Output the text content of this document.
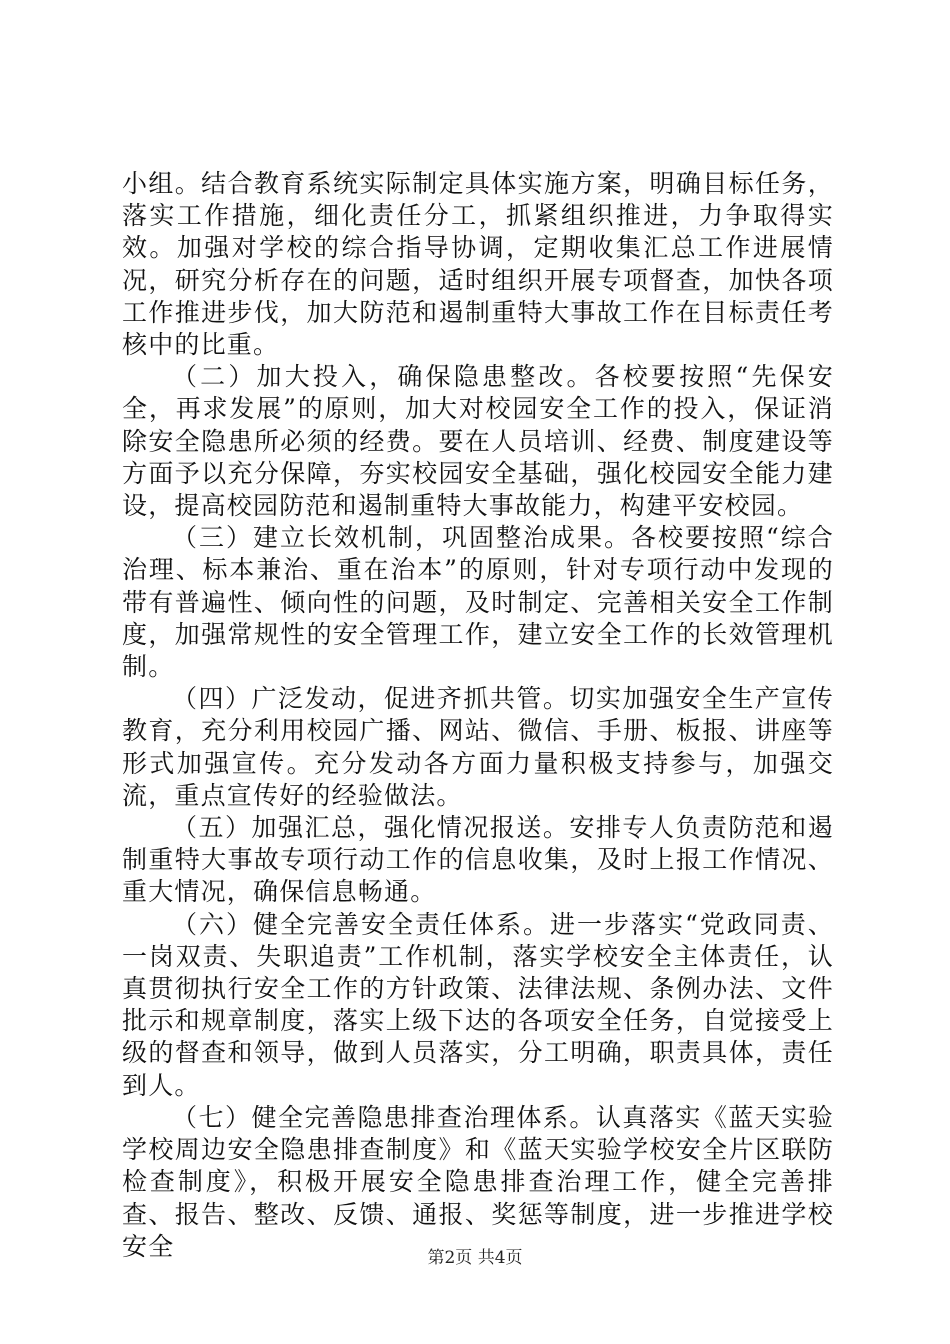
小组。结合教育系统实际制定具体实施方案，明确目标任务，落实工作措施，细化责任分工，抓紧组织推进，力争取得实效。加强对学校的综合指导协调，定期收集汇总工作进展情况，研究分析存在的问题，适时组织开展专项督查，加快各项工作推进步伐，加大防范和遏制重特大事故工作在目标责任考核中的比重。

（二）加大投入，确保隐患整改。各校要按照“先保安全，再求发展”的原则，加大对校园安全工作的投入，保证消除安全隐患所必须的经费。要在人员培训、经费、制度建设等方面予以充分保障，夯实校园安全基础，强化校园安全能力建设，提高校园防范和遏制重特大事故能力，构建平安校园。

（三）建立长效机制，巩固整治成果。各校要按照“综合治理、标本兼治、重在治本”的原则，针对专项行动中发现的带有普遍性、倾向性的问题，及时制定、完善相关安全工作制度，加强常规性的安全管理工作，建立安全工作的长效管理机制。

（四）广泛发动，促进齐抓共管。切实加强安全生产宣传教育，充分利用校园广播、网站、微信、手册、板报、讲座等形式加强宣传。充分发动各方面力量积极支持参与，加强交流，重点宣传好的经验做法。

（五）加强汇总，强化情况报送。安排专人负责防范和遏制重特大事故专项行动工作的信息收集，及时上报工作情况、重大情况，确保信息畅通。

（六）健全完善安全责任体系。进一步落实“党政同责、一岗双责、失职追责”工作机制，落实学校安全主体责任，认真贯彻执行安全工作的方针政策、法律法规、条例办法、文件批示和规章制度，落实上级下达的各项安全任务，自觉接受上级的督查和领导，做到人员落实，分工明确，职责具体，责任到人。

（七）健全完善隐患排查治理体系。认真落实《蓝天实验学校周边安全隐患排查制度》和《蓝天实验学校安全片区联防检查制度》，积极开展安全隐患排查治理工作，健全完善排查、报告、整改、反馈、通报、奖惩等制度，进一步推进学校安全	第2页 共4页
